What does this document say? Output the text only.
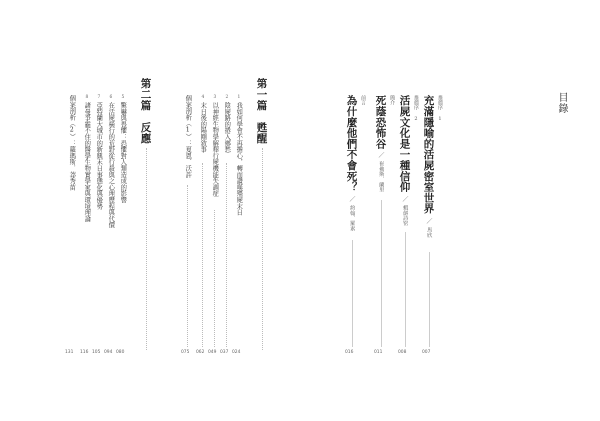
目錄
推薦序 1
充滿隱喻的活屍密室世界
／
馬欣
007
推薦序 2
活屍文化是一種信仰
／
蝦餅詩密
008
簡介
死蔭恐怖谷
／
崔佛斯．蘭里
011
前言
為什麼他們不會死？
／
約翰．羅素
016
第一篇　甦醒
1
我如何學會不再擔心，轉而讚嘆殭屍末日
024
2
陰屍路的捲入鄉愁
037
3
以神經生物學解釋行屍機能失調症
049
4
末日後的陽剛敘事
062
個案剖析（1）：夏恩．沃許
075
第二篇　反應
5
驚嚇與畏懼：恐懼對人類造成的影響
080
6
在活屍橫行的荒野從行殺與之心理歷程與代價
094
7
亞特蘭大城市的新興末日事態化與優勢
105
8
諸曼爭霸不住的醫學生物實學家與環境理論
116
個案剖析（2）：蘿瑪斯．莽秀苗
131
